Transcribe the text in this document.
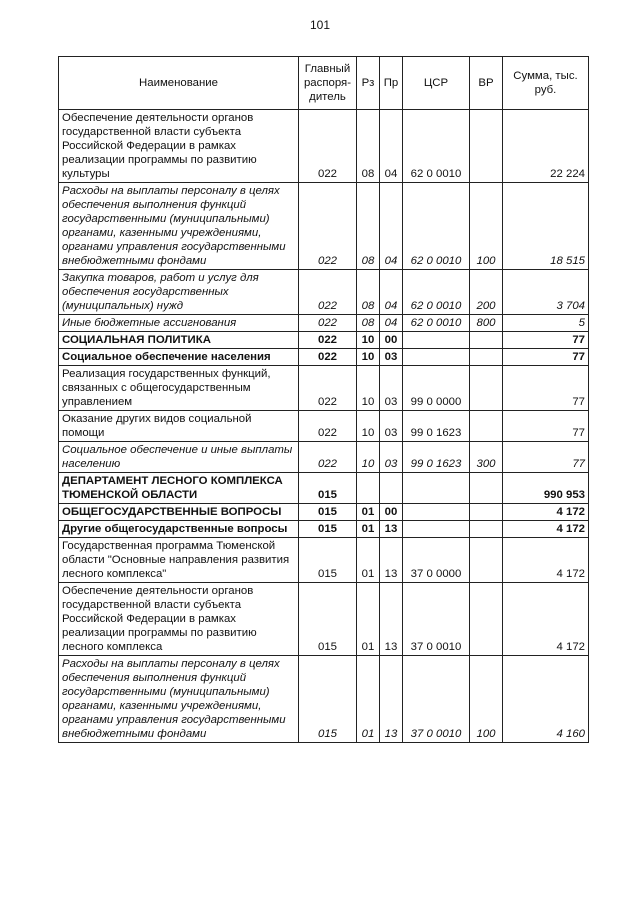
101
Наименование	Главный распоря-дитель	Рз	Пр	ЦСР	ВР	Сумма, тыс. руб.
Обеспечение деятельности органов государственной власти субъекта Российской Федерации в рамках реализации программы по развитию культуры	022	08	04	62 0 0010		22 224
Расходы на выплаты персоналу в целях обеспечения выполнения функций государственными (муниципальными) органами, казенными учреждениями, органами управления государственными внебюджетными фондами	022	08	04	62 0 0010	100	18 515
Закупка товаров, работ и услуг для обеспечения государственных (муниципальных) нужд	022	08	04	62 0 0010	200	3 704
Иные бюджетные ассигнования	022	08	04	62 0 0010	800	5
СОЦИАЛЬНАЯ ПОЛИТИКА	022	10	00			77
Социальное обеспечение населения	022	10	03			77
Реализация государственных функций, связанных с общегосударственным управлением	022	10	03	99 0 0000		77
Оказание других видов социальной помощи	022	10	03	99 0 1623		77
Социальное обеспечение и иные выплаты населению	022	10	03	99 0 1623	300	77
ДЕПАРТАМЕНТ ЛЕСНОГО КОМПЛЕКСА ТЮМЕНСКОЙ ОБЛАСТИ	015					990 953
ОБЩЕГОСУДАРСТВЕННЫЕ ВОПРОСЫ	015	01	00			4 172
Другие общегосударственные вопросы	015	01	13			4 172
Государственная программа Тюменской области "Основные направления развития лесного комплекса"	015	01	13	37 0 0000		4 172
Обеспечение деятельности органов государственной власти субъекта Российской Федерации в рамках реализации программы по развитию лесного комплекса	015	01	13	37 0 0010		4 172
Расходы на выплаты персоналу в целях обеспечения выполнения функций государственными (муниципальными) органами, казенными учреждениями, органами управления государственными внебюджетными фондами	015	01	13	37 0 0010	100	4 160
